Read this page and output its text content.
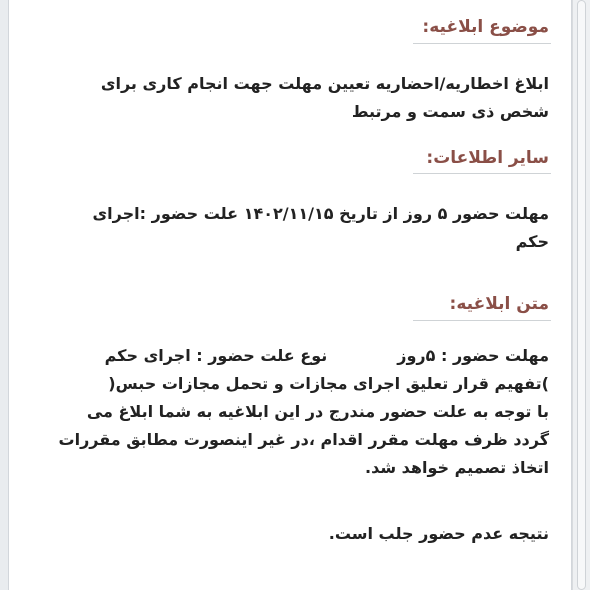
موضوع ابلاغیه:
ابلاغ اخطاریه/احضاریه تعیین مهلت جهت انجام کاری برای
شخص ذی سمت و مرتبط
سایر اطلاعات:
مهلت حضور ۵ روز از تاریخ ۱۴۰۲/۱۱/۱۵ علت حضور :اجرای
حکم
متن ابلاغیه:
مهلت حضور : ۵روزنوع علت حضور : اجرای حکم
)تفهیم قرار تعلیق اجرای مجازات و تحمل مجازات حبس(
با توجه به علت حضور مندرج در این ابلاغیه به شما ابلاغ می
گردد ظرف مهلت مقرر اقدام ،در غیر اینصورت مطابق مقررات
اتخاذ تصمیم خواهد شد.
نتیجه عدم حضور جلب است.
